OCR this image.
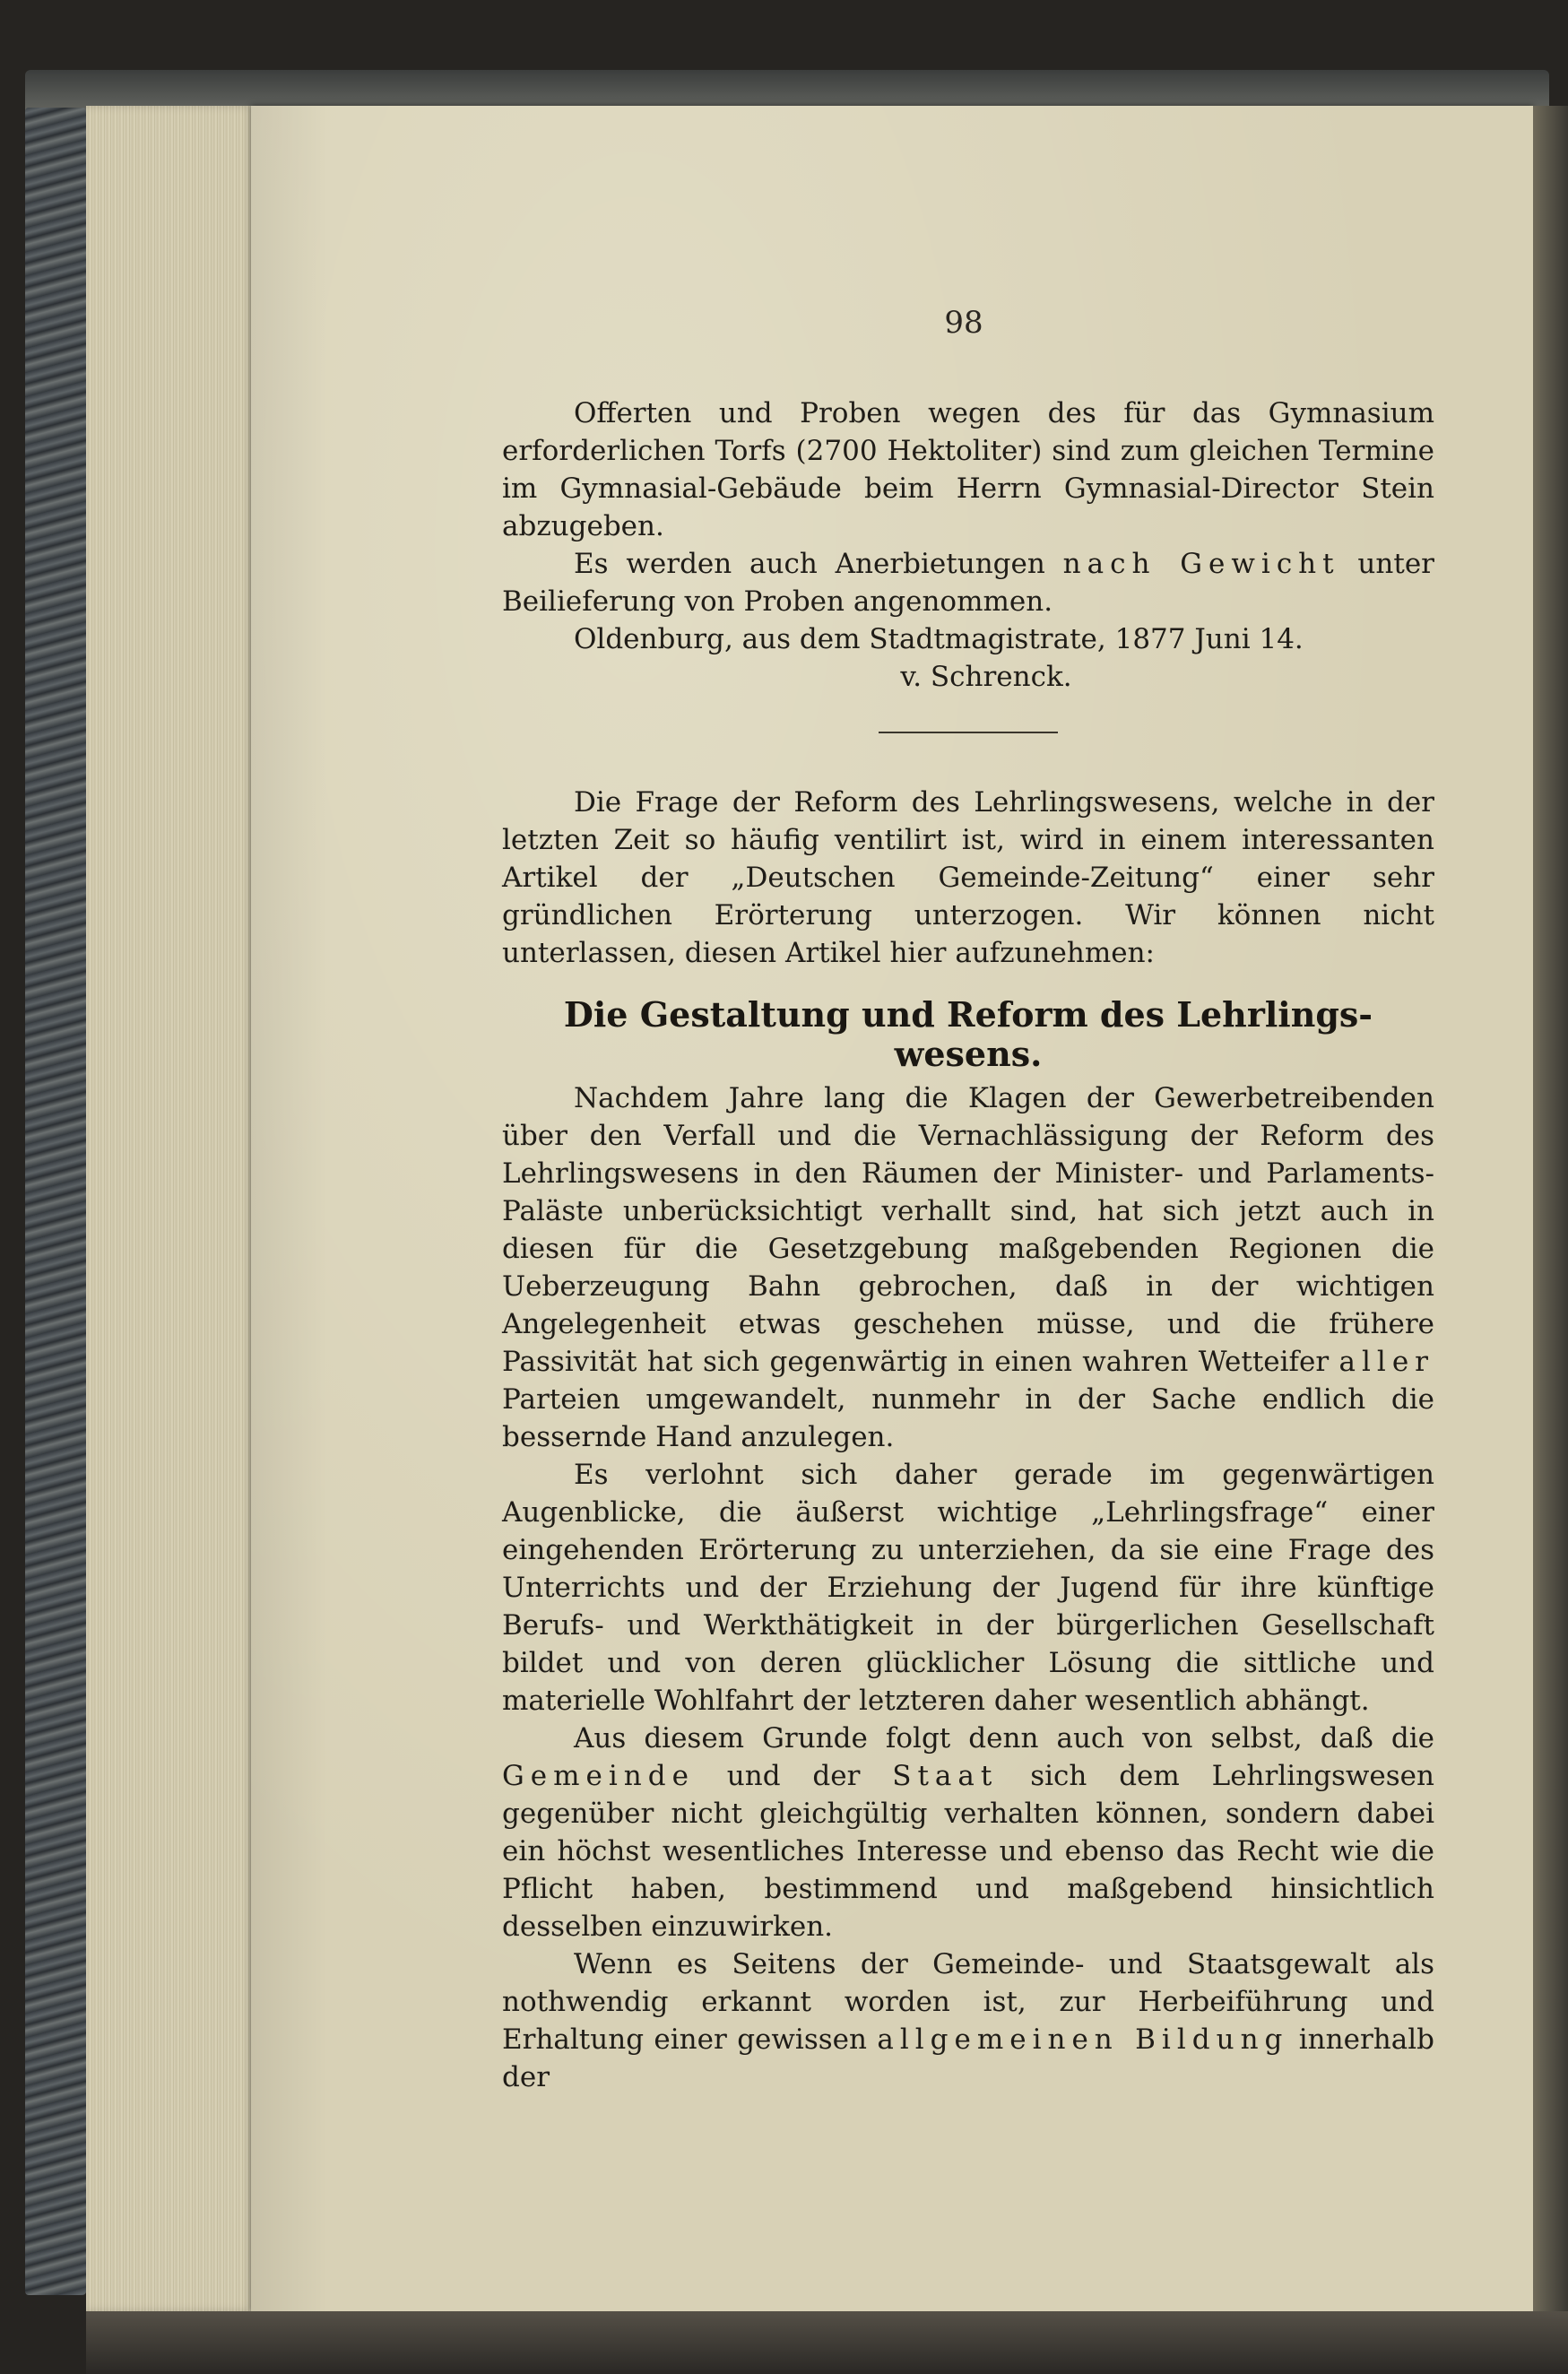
98

Offerten und Proben wegen des für das Gymnasium erforderlichen Torfs (2700 Hektoliter) sind zum gleichen Termine im Gymnasial-Gebäude beim Herrn Gymnasial-Director Stein abzugeben.

Es werden auch Anerbietungen nach Gewicht unter Beilieferung von Proben angenommen.

Oldenburg, aus dem Stadtmagistrate, 1877 Juni 14.

v. Schrenck.

Die Frage der Reform des Lehrlingswesens, welche in der letzten Zeit so häufig ventilirt ist, wird in einem interessanten Artikel der „Deutschen Gemeinde-Zeitung“ einer sehr gründlichen Erörterung unterzogen. Wir können nicht unterlassen, diesen Artikel hier aufzunehmen:

Die Gestaltung und Reform des Lehrlings-
wesens.

Nachdem Jahre lang die Klagen der Gewerbetreibenden über den Verfall und die Vernachlässigung der Reform des Lehrlingswesens in den Räumen der Minister- und Parlaments-Paläste unberücksichtigt verhallt sind, hat sich jetzt auch in diesen für die Gesetzgebung maßgebenden Regionen die Ueberzeugung Bahn gebrochen, daß in der wichtigen Angelegenheit etwas geschehen müsse, und die frühere Passivität hat sich gegenwärtig in einen wahren Wetteifer aller Parteien umgewandelt, nunmehr in der Sache endlich die bessernde Hand anzulegen.

Es verlohnt sich daher gerade im gegenwärtigen Augenblicke, die äußerst wichtige „Lehrlingsfrage“ einer eingehenden Erörterung zu unterziehen, da sie eine Frage des Unterrichts und der Erziehung der Jugend für ihre künftige Berufs- und Werkthätigkeit in der bürgerlichen Gesellschaft bildet und von deren glücklicher Lösung die sittliche und materielle Wohlfahrt der letzteren daher wesentlich abhängt.

Aus diesem Grunde folgt denn auch von selbst, daß die Gemeinde und der Staat sich dem Lehrlingswesen gegenüber nicht gleichgültig verhalten können, sondern dabei ein höchst wesentliches Interesse und ebenso das Recht wie die Pflicht haben, bestimmend und maßgebend hinsichtlich desselben einzuwirken.

Wenn es Seitens der Gemeinde- und Staatsgewalt als nothwendig erkannt worden ist, zur Herbeiführung und Erhaltung einer gewissen allgemeinen Bildung innerhalb der
